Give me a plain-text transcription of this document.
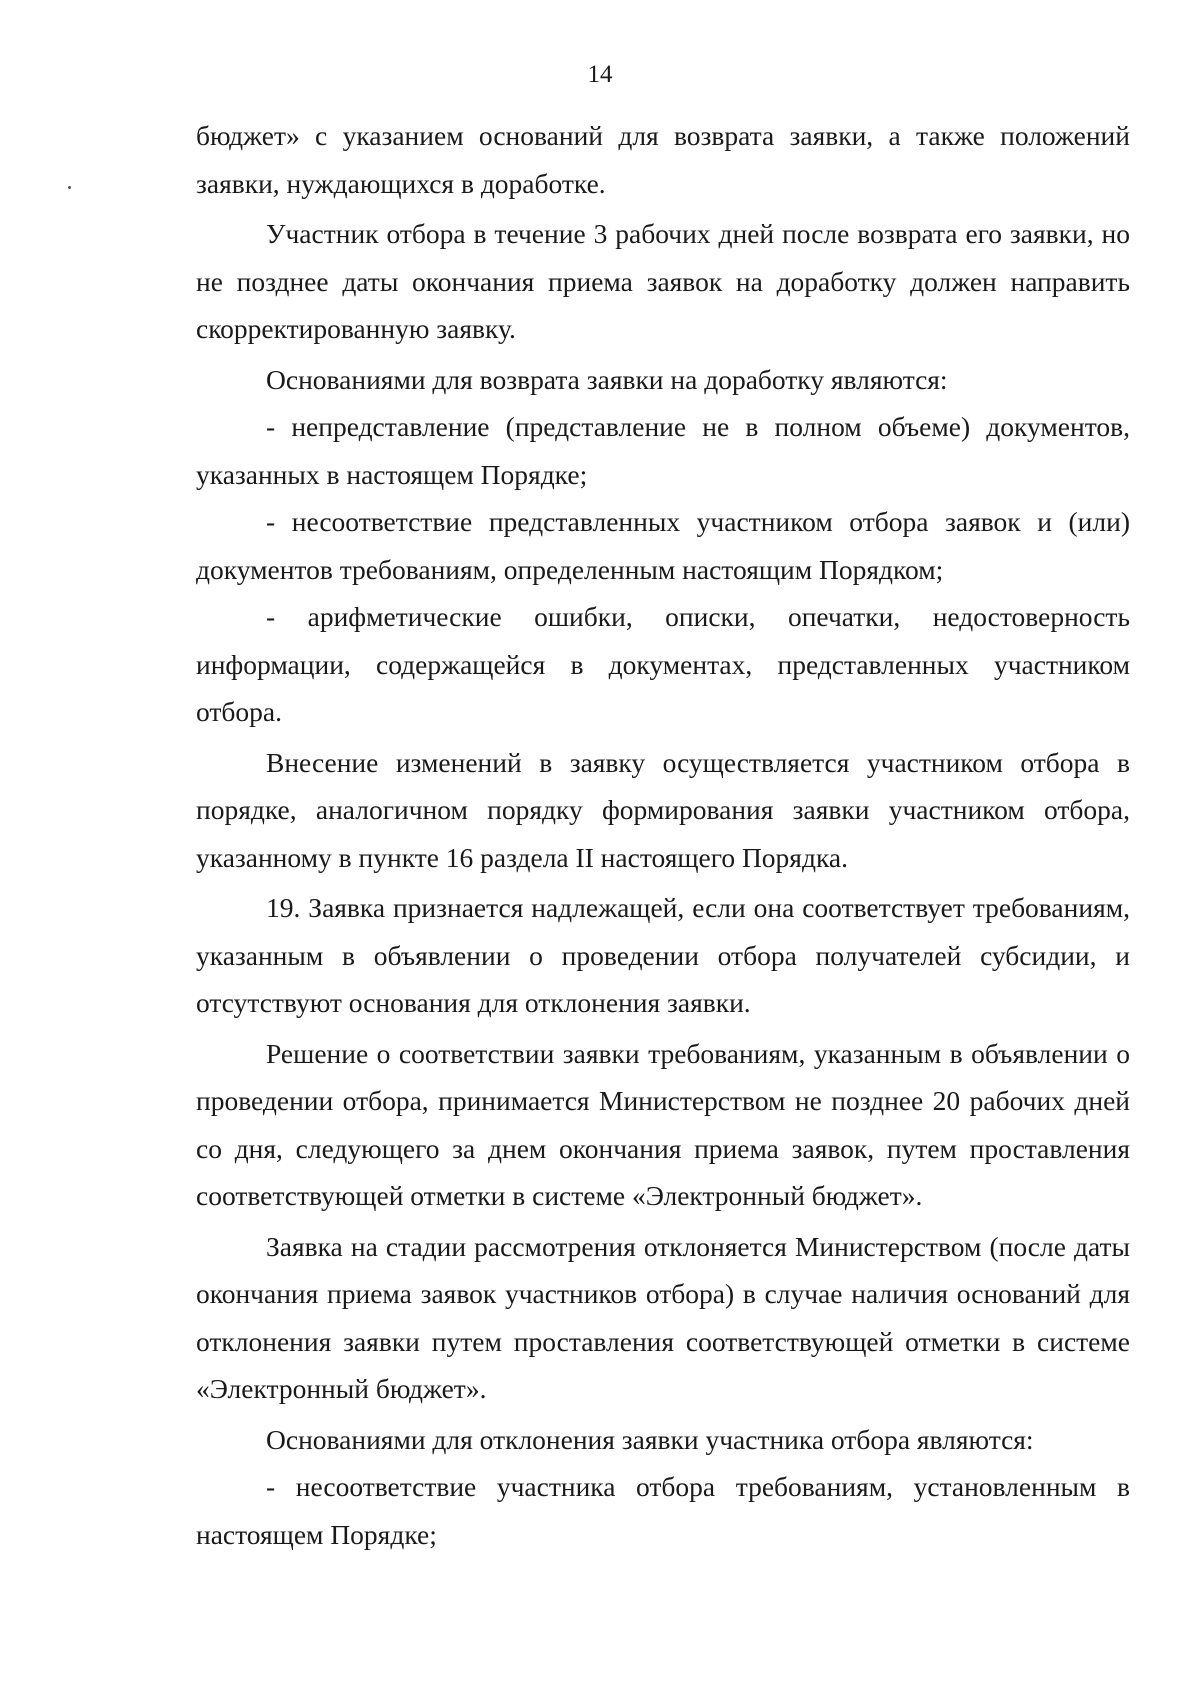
14

бюджет» с указанием оснований для возврата заявки, а также положений заявки, нуждающихся в доработке.

Участник отбора в течение 3 рабочих дней после возврата его заявки, но не позднее даты окончания приема заявок на доработку должен направить скорректированную заявку.

Основаниями для возврата заявки на доработку являются:

- непредставление (представление не в полном объеме) документов, указанных в настоящем Порядке;

- несоответствие представленных участником отбора заявок и (или) документов требованиям, определенным настоящим Порядком;

- арифметические ошибки, описки, опечатки, недостоверность информации, содержащейся в документах, представленных участником отбора.

Внесение изменений в заявку осуществляется участником отбора в порядке, аналогичном порядку формирования заявки участником отбора, указанному в пункте 16 раздела II настоящего Порядка.

19. Заявка признается надлежащей, если она соответствует требованиям, указанным в объявлении о проведении отбора получателей субсидии, и отсутствуют основания для отклонения заявки.

Решение о соответствии заявки требованиям, указанным в объявлении о проведении отбора, принимается Министерством не позднее 20 рабочих дней со дня, следующего за днем окончания приема заявок, путем проставления соответствующей отметки в системе «Электронный бюджет».

Заявка на стадии рассмотрения отклоняется Министерством (после даты окончания приема заявок участников отбора) в случае наличия оснований для отклонения заявки путем проставления соответствующей отметки в системе «Электронный бюджет».

Основаниями для отклонения заявки участника отбора являются:

- несоответствие участника отбора требованиям, установленным в настоящем Порядке;
